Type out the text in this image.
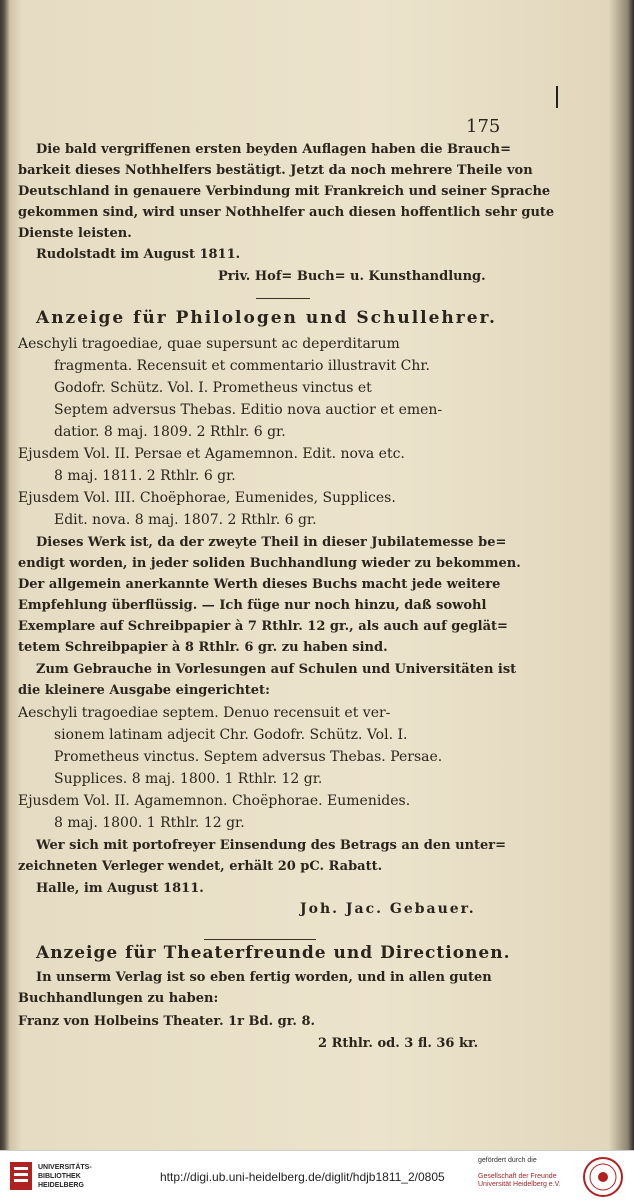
175
Die bald vergriffenen ersten beyden Auflagen haben die Brauch=
barkeit dieses Nothhelfers bestätigt. Jetzt da noch mehrere Theile von
Deutschland in genauere Verbindung mit Frankreich und seiner Sprache
gekommen sind, wird unser Nothhelfer auch diesen hoffentlich sehr gute
Dienste leisten.
Rudolstadt im August 1811.
Priv. Hof= Buch= u. Kunsthandlung.
Anzeige für Philologen und Schullehrer.
Aeschyli tragoediae, quae supersunt ac deperditarum
fragmenta. Recensuit et commentario illustravit Chr.
Godofr. Schütz. Vol. I. Prometheus vinctus et
Septem adversus Thebas. Editio nova auctior et emen-
datior. 8 maj. 1809. 2 Rthlr. 6 gr.
Ejusdem Vol. II. Persae et Agamemnon. Edit. nova etc.
8 maj. 1811. 2 Rthlr. 6 gr.
Ejusdem Vol. III. Choëphorae, Eumenides, Supplices.
Edit. nova. 8 maj. 1807. 2 Rthlr. 6 gr.
Dieses Werk ist, da der zweyte Theil in dieser Jubilatemesse be=
endigt worden, in jeder soliden Buchhandlung wieder zu bekommen.
Der allgemein anerkannte Werth dieses Buchs macht jede weitere
Empfehlung überflüssig. — Ich füge nur noch hinzu, daß sowohl
Exemplare auf Schreibpapier à 7 Rthlr. 12 gr., als auch auf geglät=
tetem Schreibpapier à 8 Rthlr. 6 gr. zu haben sind.
Zum Gebrauche in Vorlesungen auf Schulen und Universitäten ist
die kleinere Ausgabe eingerichtet:
Aeschyli tragoediae septem. Denuo recensuit et ver-
sionem latinam adjecit Chr. Godofr. Schütz. Vol. I.
Prometheus vinctus. Septem adversus Thebas. Persae.
Supplices. 8 maj. 1800. 1 Rthlr. 12 gr.
Ejusdem Vol. II. Agamemnon. Choëphorae. Eumenides.
8 maj. 1800. 1 Rthlr. 12 gr.
Wer sich mit portofreyer Einsendung des Betrags an den unter=
zeichneten Verleger wendet, erhält 20 pC. Rabatt.
Halle, im August 1811.
Joh. Jac. Gebauer.
Anzeige für Theaterfreunde und Directionen.
In unserm Verlag ist so eben fertig worden, und in allen guten
Buchhandlungen zu haben:
Franz von Holbeins Theater. 1r Bd. gr. 8.
2 Rthlr. od. 3 fl. 36 kr.
UNIVERSITÄTS-
BIBLIOTHEK
HEIDELBERG
http://digi.ub.uni-heidelberg.de/diglit/hdjb1811_2/0805
gefördert durch die
Gesellschaft der Freunde
Universität Heidelberg e.V.
